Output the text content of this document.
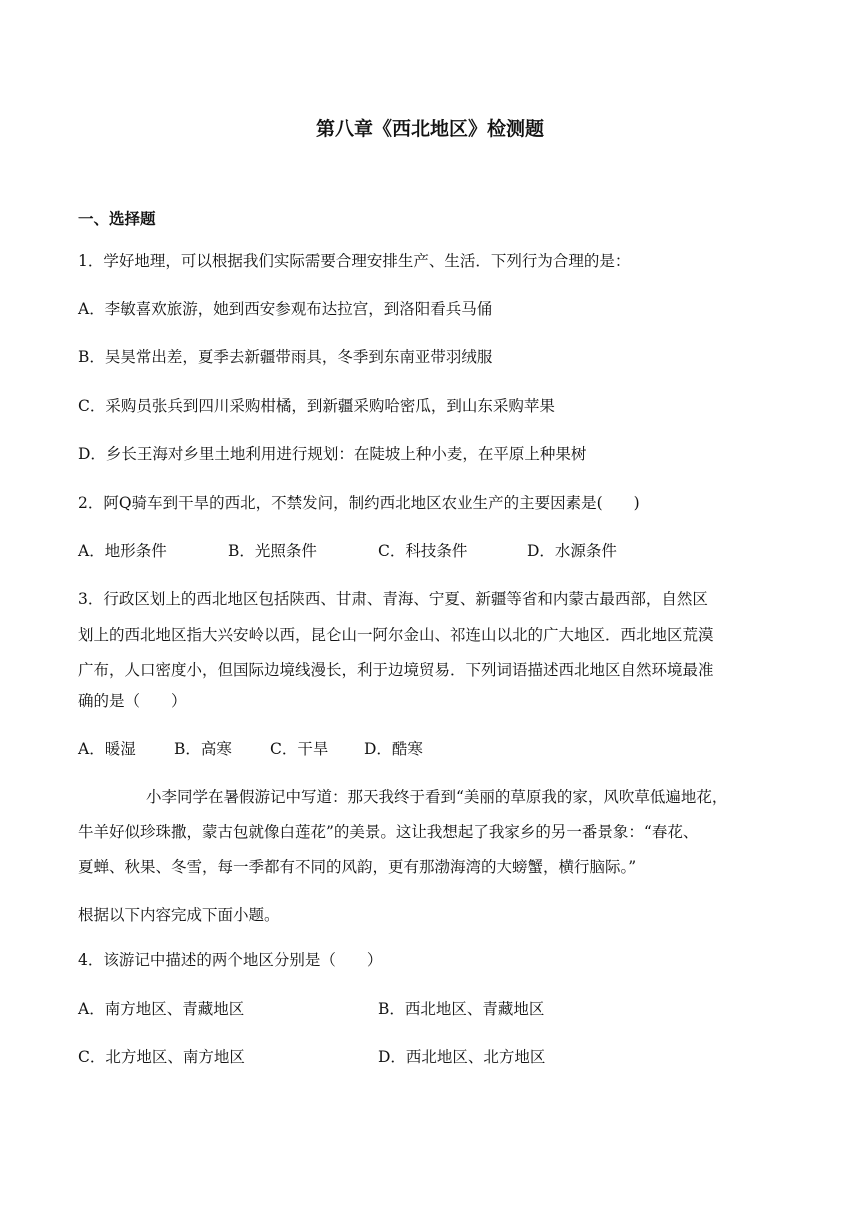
第八章《西北地区》检测题
一、选择题
1．学好地理，可以根据我们实际需要合理安排生产、生活．下列行为合理的是：
A．李敏喜欢旅游，她到西安参观布达拉宫，到洛阳看兵马俑
B．吴昊常出差，夏季去新疆带雨具，冬季到东南亚带羽绒服
C．采购员张兵到四川采购柑橘，到新疆采购哈密瓜，到山东采购苹果
D．乡长王海对乡里土地利用进行规划：在陡坡上种小麦，在平原上种果树
2．阿Q骑车到干旱的西北，不禁发问，制约西北地区农业生产的主要因素是(　　)
A．地形条件	B．光照条件	C．科技条件	D．水源条件
3．行政区划上的西北地区包括陕西、甘肃、青海、宁夏、新疆等省和内蒙古最西部，自然区
划上的西北地区指大兴安岭以西，昆仑山一阿尔金山、祁连山以北的广大地区．西北地区荒漠
广布，人口密度小，但国际边境线漫长，利于边境贸易．下列词语描述西北地区自然环境最准
确的是（　　）
A．暖湿 B．高寒 C．干旱 D．酷寒
小李同学在暑假游记中写道：那天我终于看到“美丽的草原我的家，风吹草低遍地花，
牛羊好似珍珠撒，蒙古包就像白莲花”的美景。这让我想起了我家乡的另一番景象：“春花、
夏蝉、秋果、冬雪，每一季都有不同的风韵，更有那渤海湾的大螃蟹，横行脑际。”
根据以下内容完成下面小题。
4．该游记中描述的两个地区分别是（　　）
A．南方地区、青藏地区	B．西北地区、青藏地区
C．北方地区、南方地区	D．西北地区、北方地区
